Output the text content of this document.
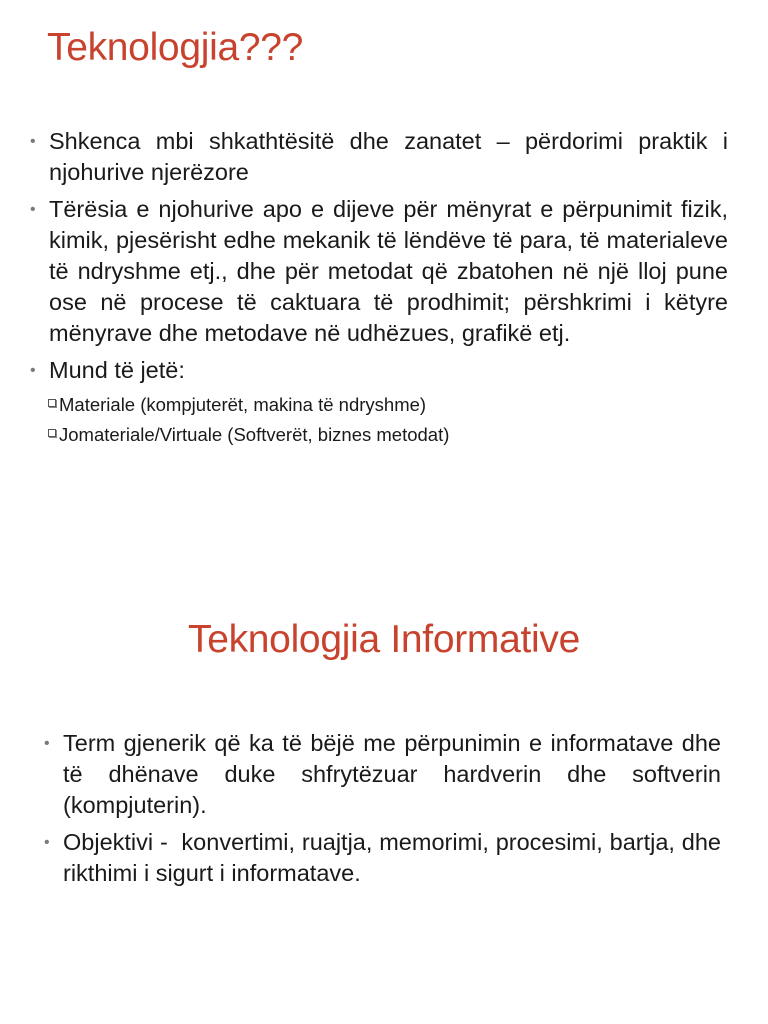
Teknologjia???
• Shkenca mbi shkathtësitë dhe zanatet – përdorimi praktik i njohurive njerëzore
• Tërësia e njohurive apo e dijeve për mënyrat e përpunimit fizik, kimik, pjesërisht edhe mekanik të lëndëve të para, të materialeve të ndryshme etj., dhe për metodat që zbatohen në një lloj pune ose në procese të caktuara të prodhimit; përshkrimi i këtyre mënyrave dhe metodave në udhëzues, grafikë etj.
• Mund të jetë:
Materiale (kompjuterët, makina të ndryshme)
Jomateriale/Virtuale (Softverët, biznes metodat)
Teknologjia Informative
• Term gjenerik që ka të bëjë me përpunimin e informatave dhe të dhënave duke shfrytëzuar hardverin dhe softverin (kompjuterin).
• Objektivi -  konvertimi, ruajtja, memorimi, procesimi, bartja, dhe rikthimi i sigurt i informatave.
